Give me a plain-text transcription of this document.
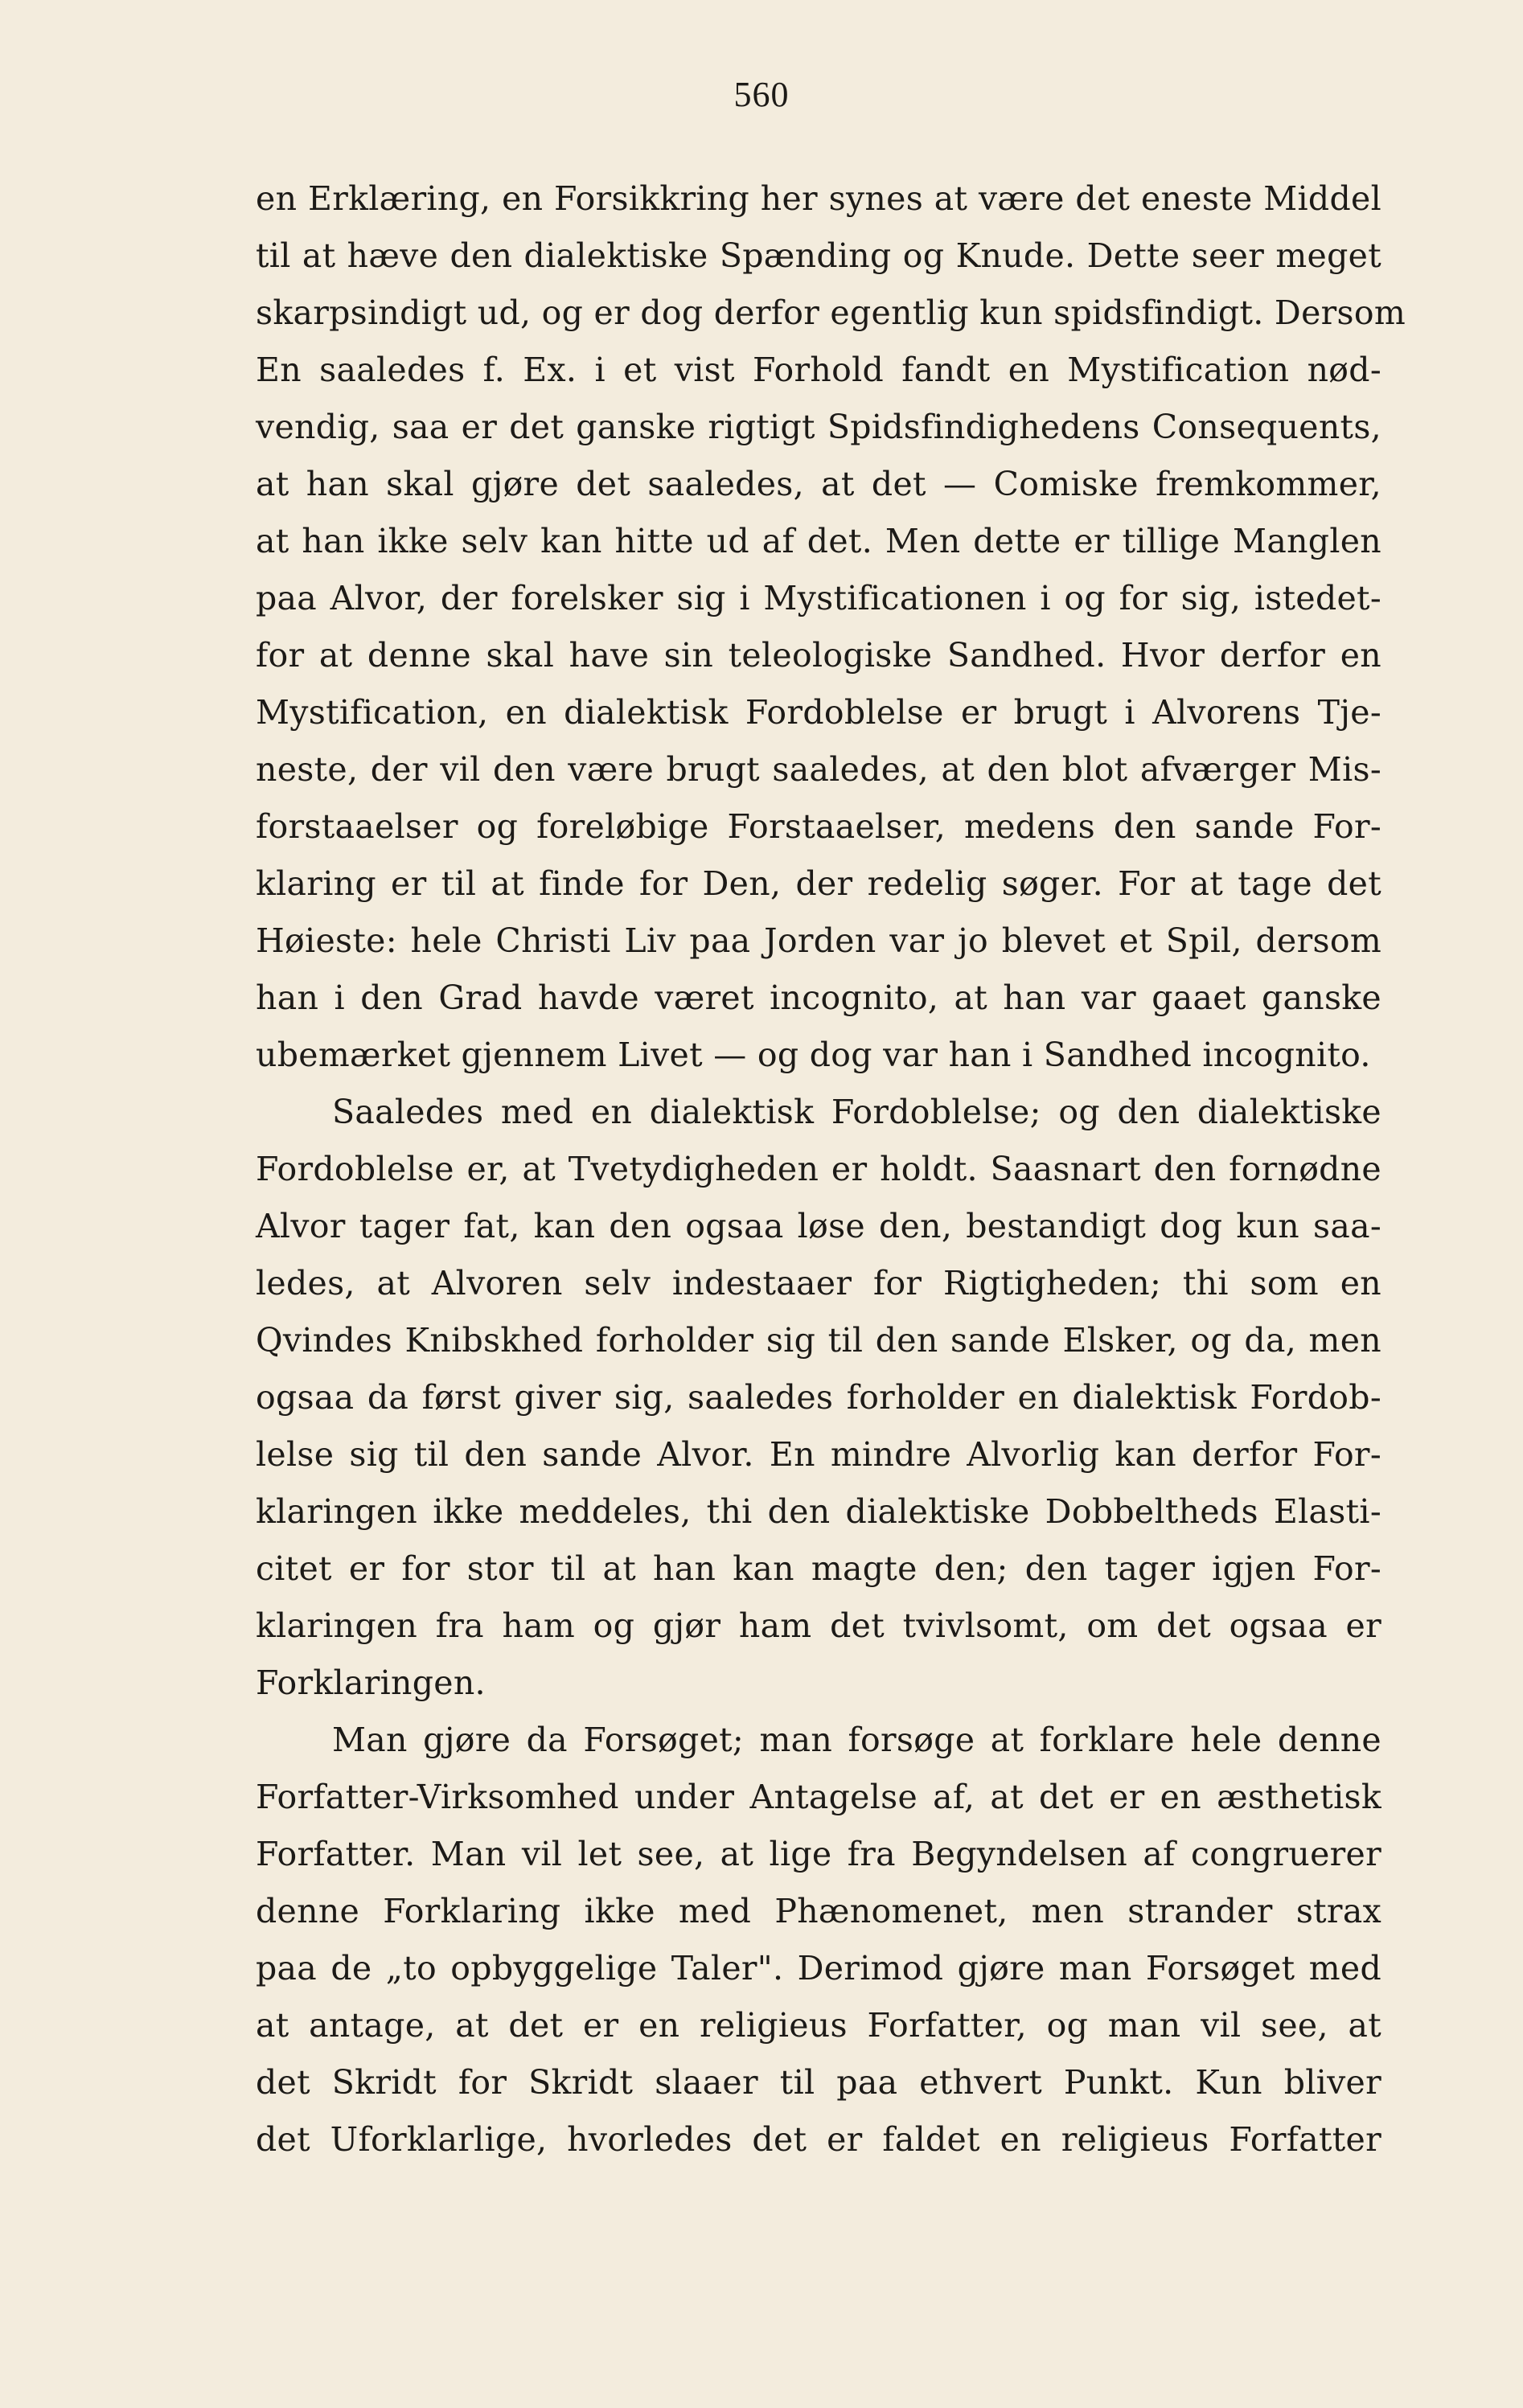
560
en Erklæring, en Forsikkring her synes at være det eneste Middel
til at hæve den dialektiske Spænding og Knude. Dette seer meget
skarpsindigt ud, og er dog derfor egentlig kun spidsfindigt. Dersom
En saaledes f. Ex. i et vist Forhold fandt en Mystification nød-
vendig, saa er det ganske rigtigt Spidsfindighedens Consequents,
at han skal gjøre det saaledes, at det — Comiske fremkommer,
at han ikke selv kan hitte ud af det. Men dette er tillige Manglen
paa Alvor, der forelsker sig i Mystificationen i og for sig, istedet-
for at denne skal have sin teleologiske Sandhed. Hvor derfor en
Mystification, en dialektisk Fordoblelse er brugt i Alvorens Tje-
neste, der vil den være brugt saaledes, at den blot afværger Mis-
forstaaelser og foreløbige Forstaaelser, medens den sande For-
klaring er til at finde for Den, der redelig søger. For at tage det
Høieste: hele Christi Liv paa Jorden var jo blevet et Spil, dersom
han i den Grad havde været incognito, at han var gaaet ganske
ubemærket gjennem Livet — og dog var han i Sandhed incognito.
Saaledes med en dialektisk Fordoblelse; og den dialektiske
Fordoblelse er, at Tvetydigheden er holdt. Saasnart den fornødne
Alvor tager fat, kan den ogsaa løse den, bestandigt dog kun saa-
ledes, at Alvoren selv indestaaer for Rigtigheden; thi som en
Qvindes Knibskhed forholder sig til den sande Elsker, og da, men
ogsaa da først giver sig, saaledes forholder en dialektisk Fordob-
lelse sig til den sande Alvor. En mindre Alvorlig kan derfor For-
klaringen ikke meddeles, thi den dialektiske Dobbeltheds Elasti-
citet er for stor til at han kan magte den; den tager igjen For-
klaringen fra ham og gjør ham det tvivlsomt, om det ogsaa er
Forklaringen.
Man gjøre da Forsøget; man forsøge at forklare hele denne
Forfatter-Virksomhed under Antagelse af, at det er en æsthetisk
Forfatter. Man vil let see, at lige fra Begyndelsen af congruerer
denne Forklaring ikke med Phænomenet, men strander strax
paa de „to opbyggelige Taler". Derimod gjøre man Forsøget med
at antage, at det er en religieus Forfatter, og man vil see, at
det Skridt for Skridt slaaer til paa ethvert Punkt. Kun bliver
det Uforklarlige, hvorledes det er faldet en religieus Forfatter
